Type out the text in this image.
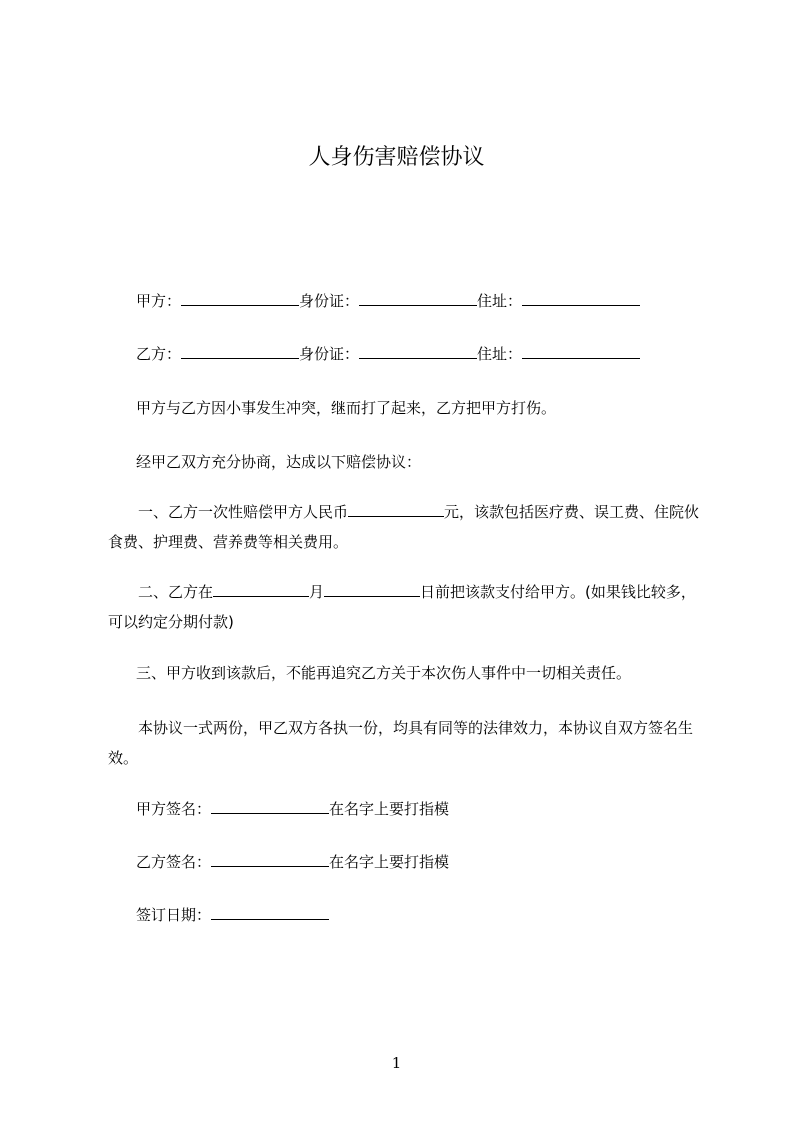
人身伤害赔偿协议
甲方：	身份证：	住址：
乙方：	身份证：	住址：
甲方与乙方因小事发生冲突，继而打了起来，乙方把甲方打伤。
经甲乙双方充分协商，达成以下赔偿协议：
一、乙方一次性赔偿甲方人民币	元，该款包括医疗费、误工费、住院伙食费、护理费、营养费等相关费用。
二、乙方在	月	日前把该款支付给甲方。(如果钱比较多，可以约定分期付款)
三、甲方收到该款后，不能再追究乙方关于本次伤人事件中一切相关责任。
本协议一式两份，甲乙双方各执一份，均具有同等的法律效力，本协议自双方签名生效。
甲方签名：	在名字上要打指模
乙方签名：	在名字上要打指模
签订日期：
1
